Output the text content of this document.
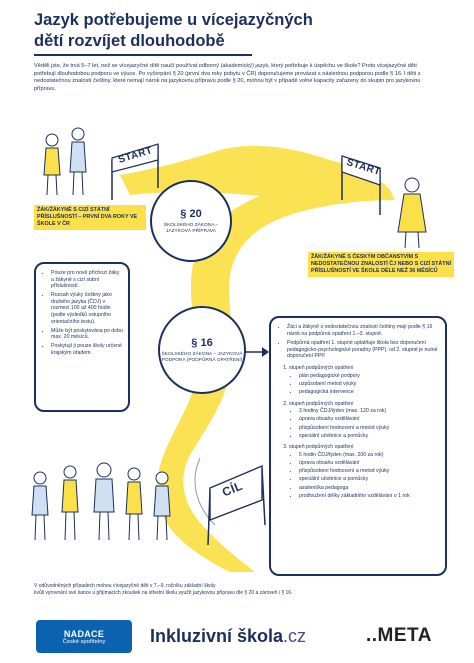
START
START
CÍL
Jazyk potřebujeme u vícejazyčných
dětí rozvíjet dlouhodobě

Věděli jste, že trvá 5–7 let, než se vícejazyčné dítě naučí používat odborný (akademický) jazyk, který potřebuje k úspěchu ve škole? Proto vícejazyčné děti potřebují dlouhodobou podporu ve výuce. Po vyčerpání § 20 (první dva roky pobytu v ČR) doporučujeme provázat s následnou podporou podle § 16. I děti s nedostatečnou znalostí češtiny, které nemají nárok na jazykovou přípravu podle § 20, mohou být v případě volné kapacity zařazeny do skupin pro jazykovou přípravu.

ŽÁK/ŽÁKYNĚ S CIZÍ STÁTNÍ PŘÍSLUŠNOSTÍ – PRVNÍ DVA ROKY VE ŠKOLE V ČR
ŽÁK/ŽÁKYNĚ S ČESKÝM OBČANSTVÍM S NEDOSTATEČNOU ZNALOSTÍ ČJ NEBO S CIZÍ STÁTNÍ PŘÍSLUŠNOSTÍ VE ŠKOLE DÉLE NEŽ 36 MĚSÍCŮ
§ 20
ŠKOLSKÉHO ZÁKONA – JAZYKOVÁ PŘÍPRAVA
§ 16
ŠKOLSKÉHO ZÁKONA – JAZYKOVÁ PODPORA (PODPŮRNÁ OPATŘENÍ)
• Pouze pro nově příchozí žáky a žákyně s cizí státní příslušností.
• Rozsah výuky češtiny jako druhého jazyka (ČDJ) v rozmezí 100 až 400 hodin (podle výsledků vstupního orientačního testu).
• Může být poskytována po dobu max. 20 měsíců.
• Poskytují ji pouze školy určené krajským úřadem.
• Žáci a žákyně s nedostatečnou znalostí češtiny mají podle § 16 nárok na podpůrná opatření 1.–3. stupně.
• Podpůrná opatření 1. stupně uplatňuje škola bez doporučení pedagogicko-psychologické poradny (PPP), od 2. stupně je nutné doporučení PPP.
1. stupeň podpůrných opatření
• plán pedagogické podpory
• uzpůsobení metod výuky
• pedagogická intervence
2. stupeň podpůrných opatření
• 3 hodiny ČDJ/týden (max. 120 za rok)
• úprava obsahu vzdělávání
• přizpůsobení hodnocení a metod výuky
• speciální učebnice a pomůcky
3. stupeň podpůrných opatření
• 5 hodin ČDJ/týden (max. 200 za rok)
• úprava obsahu vzdělávání
• přizpůsobení hodnocení a metod výuky
• speciální učebnice a pomůcky
• asistent/ka pedagoga
• prodloužení délky základního vzdělávání o 1 rok

V odůvodněných případech mohou vícejazyčné děti v 7.–9. ročníku základní školy

kvůli vyrovnání své šance u přijímacích zkoušek na střední školu využít jazykovou přípravu dle § 20 a zároveň i § 16.

NADACE
České spořitelny Inkluzivní škola.cz	..META
